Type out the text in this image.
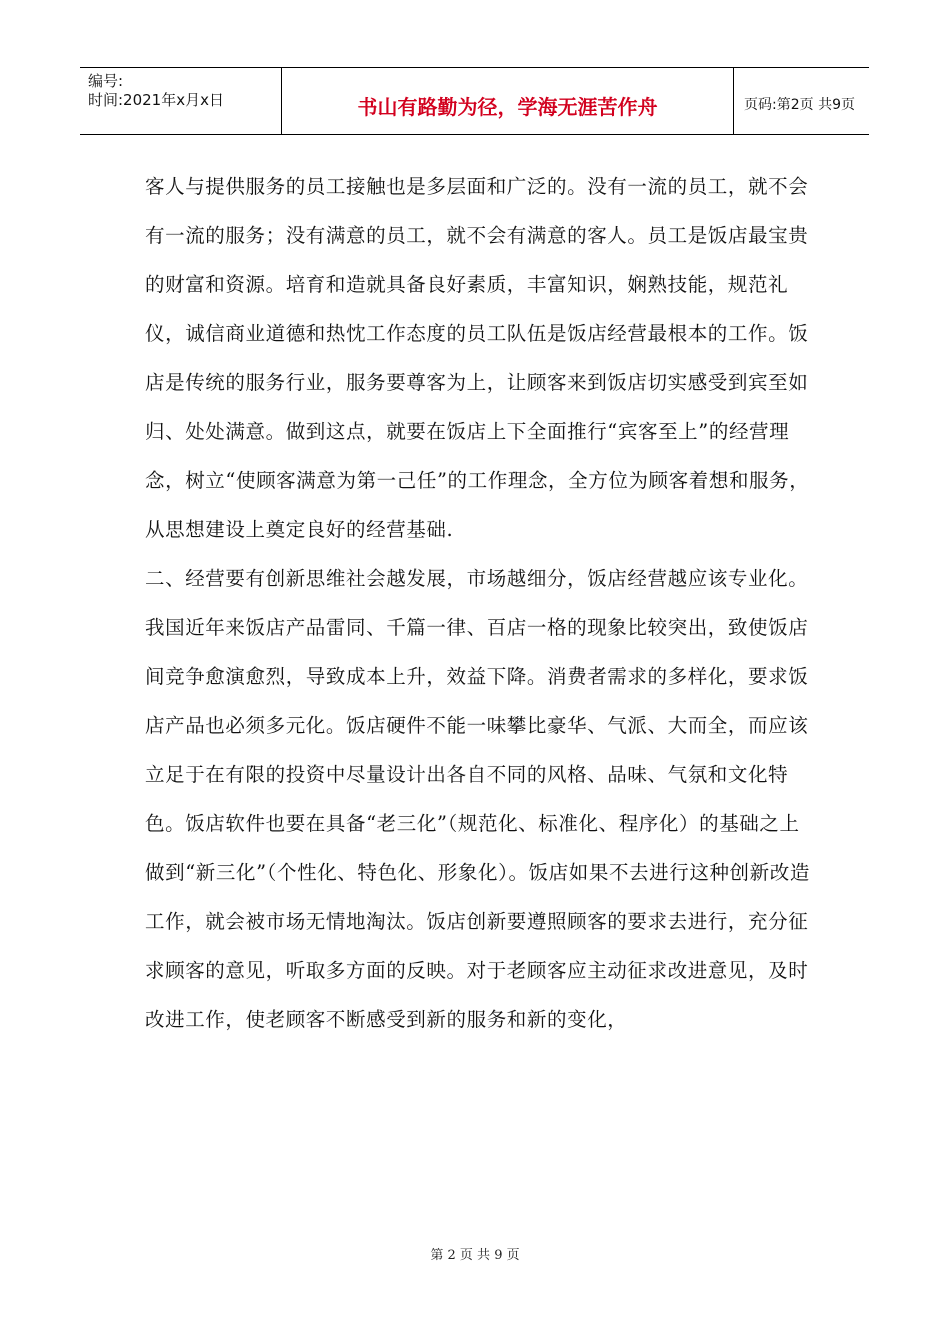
编号:
时间:2021年x月x日	书山有路勤为径，学海无涯苦作舟	页码:第2页 共9页

客人与提供服务的员工接触也是多层面和广泛的。没有一流的员工，就不会有一流的服务；没有满意的员工，就不会有满意的客人。员工是饭店最宝贵的财富和资源。培育和造就具备良好素质，丰富知识，娴熟技能，规范礼仪，诚信商业道德和热忱工作态度的员工队伍是饭店经营最根本的工作。饭店是传统的服务行业，服务要尊客为上，让顾客来到饭店切实感受到宾至如归、处处满意。做到这点，就要在饭店上下全面推行“宾客至上”的经营理念，树立“使顾客满意为第一己任”的工作理念，全方位为顾客着想和服务，从思想建设上奠定良好的经营基础.

二、经营要有创新思维社会越发展，市场越细分，饭店经营越应该专业化。

我国近年来饭店产品雷同、千篇一律、百店一格的现象比较突出，致使饭店间竞争愈演愈烈，导致成本上升，效益下降。消费者需求的多样化，要求饭店产品也必须多元化。饭店硬件不能一味攀比豪华、气派、大而全，而应该立足于在有限的投资中尽量设计出各自不同的风格、品味、气氛和文化特色。饭店软件也要在具备“老三化”（规范化、标准化、程序化）的基础之上做到“新三化”（个性化、特色化、形象化）。饭店如果不去进行这种创新改造工作，就会被市场无情地淘汰。饭店创新要遵照顾客的要求去进行，充分征求顾客的意见，听取多方面的反映。对于老顾客应主动征求改进意见，及时改进工作，使老顾客不断感受到新的服务和新的变化，

第 2 页 共 9 页
